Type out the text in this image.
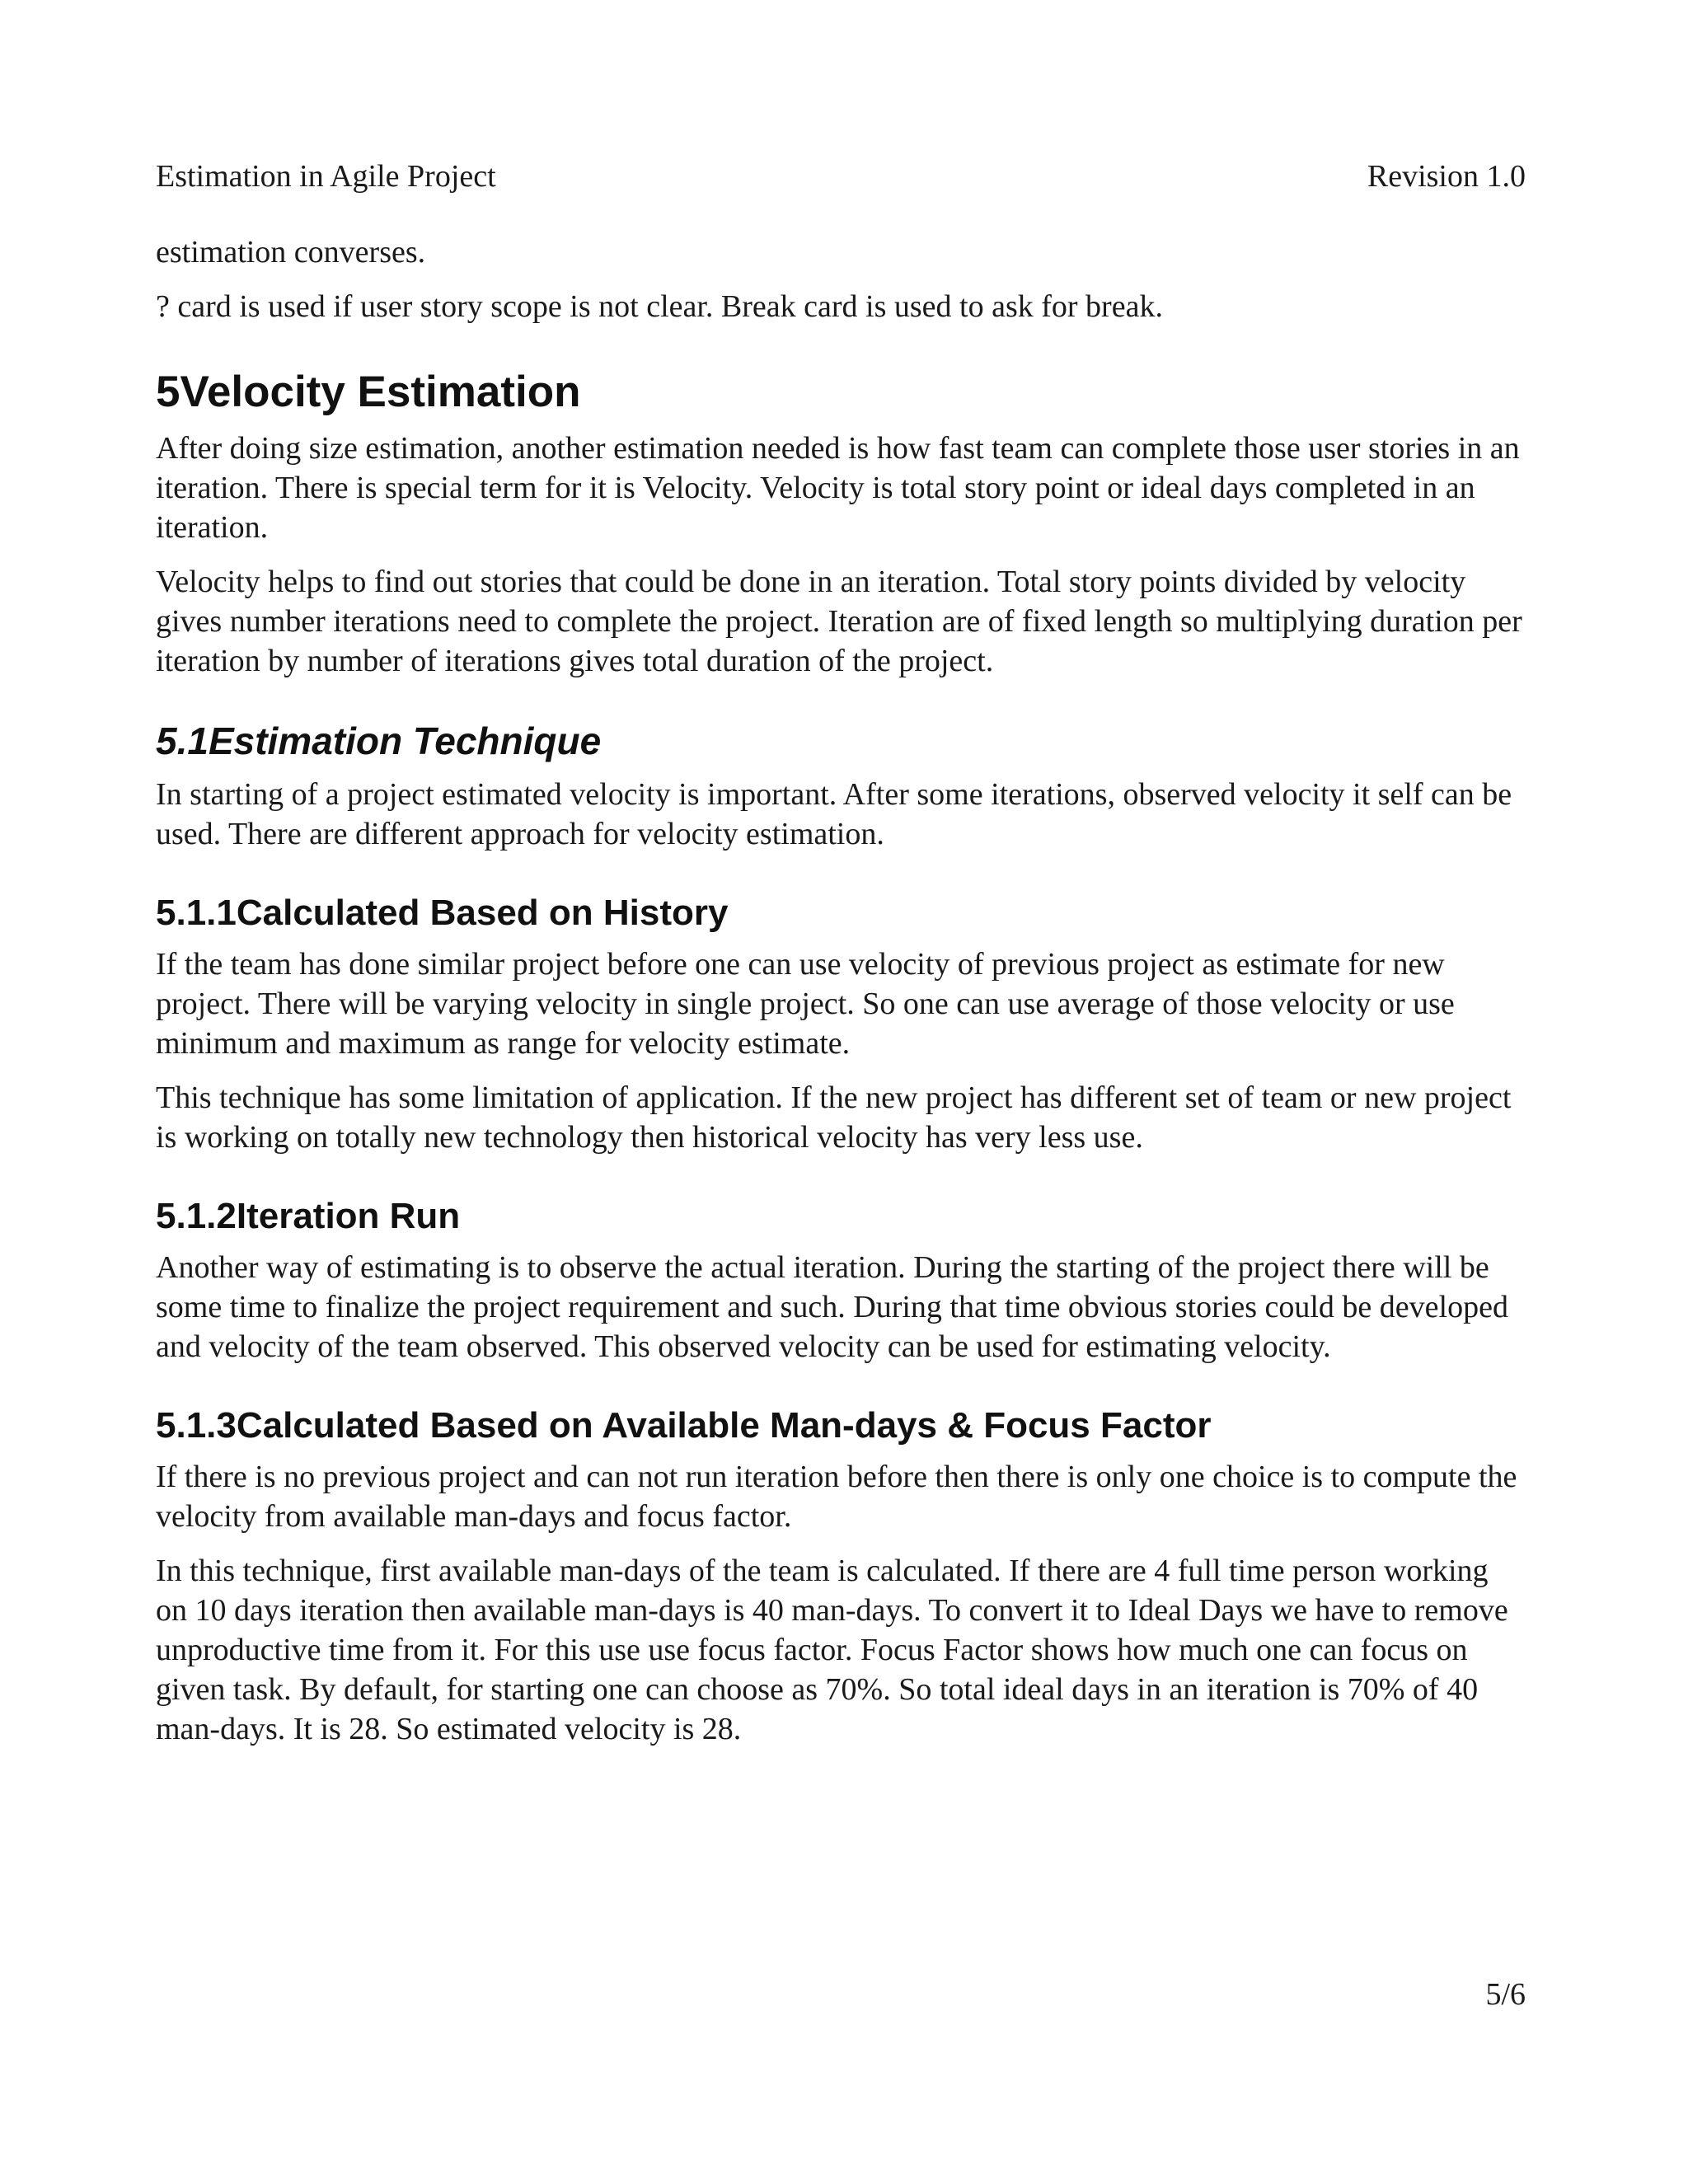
Estimation in Agile Project	Revision 1.0

estimation converses.

? card is used if user story scope is not clear. Break card is used to ask for break.

5Velocity Estimation

After doing size estimation, another estimation needed is how fast team can complete those user stories in an iteration. There is special term for it is Velocity. Velocity is total story point or ideal days completed in an iteration.

Velocity helps to find out stories that could be done in an iteration. Total story points divided by velocity gives number iterations need to complete the project. Iteration are of fixed length so multiplying duration per iteration by number of iterations gives total duration of the project.

5.1Estimation Technique

In starting of a project estimated velocity is important. After some iterations, observed velocity it self can be used. There are different approach for velocity estimation.

5.1.1Calculated Based on History

If the team has done similar project before one can use velocity of previous project as estimate for new project. There will be varying velocity in single project. So one can use average of those velocity or use minimum and maximum as range for velocity estimate.

This technique has some limitation of application. If the new project has different set of team or new project is working on totally new technology then historical velocity has very less use.

5.1.2Iteration Run

Another way of estimating is to observe the actual iteration. During the starting of the project there will be some time to finalize the project requirement and such. During that time obvious stories could be developed and velocity of the team observed. This observed velocity can be used for estimating velocity.

5.1.3Calculated Based on Available Man-days & Focus Factor

If there is no previous project and can not run iteration before then there is only one choice is to compute the velocity from available man-days and focus factor.

In this technique, first available man-days of the team is calculated. If there are 4 full time person working on 10 days iteration then available man-days is 40 man-days. To convert it to Ideal Days we have to remove unproductive time from it. For this use use focus factor. Focus Factor shows how much one can focus on given task. By default, for starting one can choose as 70%. So total ideal days in an iteration is 70% of 40 man-days. It is 28. So estimated velocity is 28.

5/6
